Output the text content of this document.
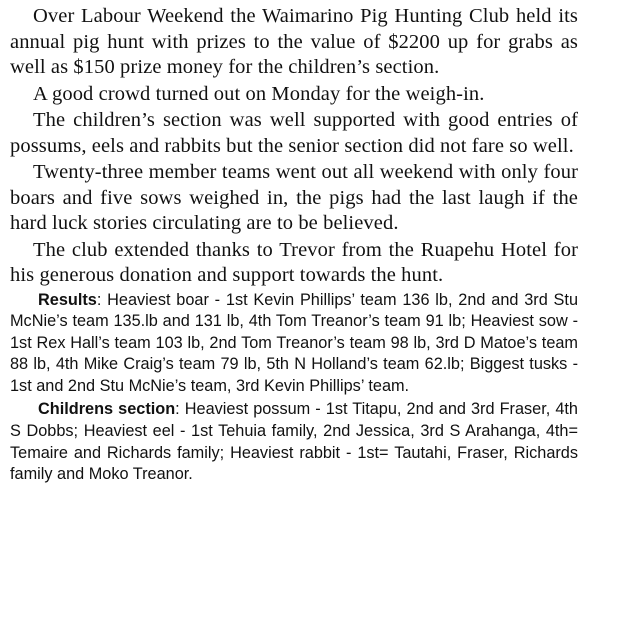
Over Labour Weekend the Waimarino Pig Hunting Club held its annual pig hunt with prizes to the value of $2200 up for grabs as well as $150 prize money for the children’s section.

A good crowd turned out on Monday for the weigh-in.

The children’s section was well supported with good entries of possums, eels and rabbits but the senior section did not fare so well.

Twenty-three member teams went out all weekend with only four boars and five sows weighed in, the pigs had the last laugh if the hard luck stories circulating are to be believed.

The club extended thanks to Trevor from the Ruapehu Hotel for his generous donation and support towards the hunt.

Results: Heaviest boar - 1st Kevin Phillips’ team 136 lb, 2nd and 3rd Stu McNie’s team 135.lb and 131 lb, 4th Tom Treanor’s team 91 lb; Heaviest sow - 1st Rex Hall’s team 103 lb, 2nd Tom Treanor’s team 98 lb, 3rd D Matoe’s team 88 lb, 4th Mike Craig’s team 79 lb, 5th N Holland’s team 62.lb; Biggest tusks - 1st and 2nd Stu McNie’s team, 3rd Kevin Phillips’ team.

Childrens section: Heaviest possum - 1st Titapu, 2nd and 3rd Fraser, 4th S Dobbs; Heaviest eel - 1st Tehuia family, 2nd Jessica, 3rd S Arahanga, 4th= Temaire and Richards family; Heaviest rabbit - 1st= Tautahi, Fraser, Richards family and Moko Treanor.
